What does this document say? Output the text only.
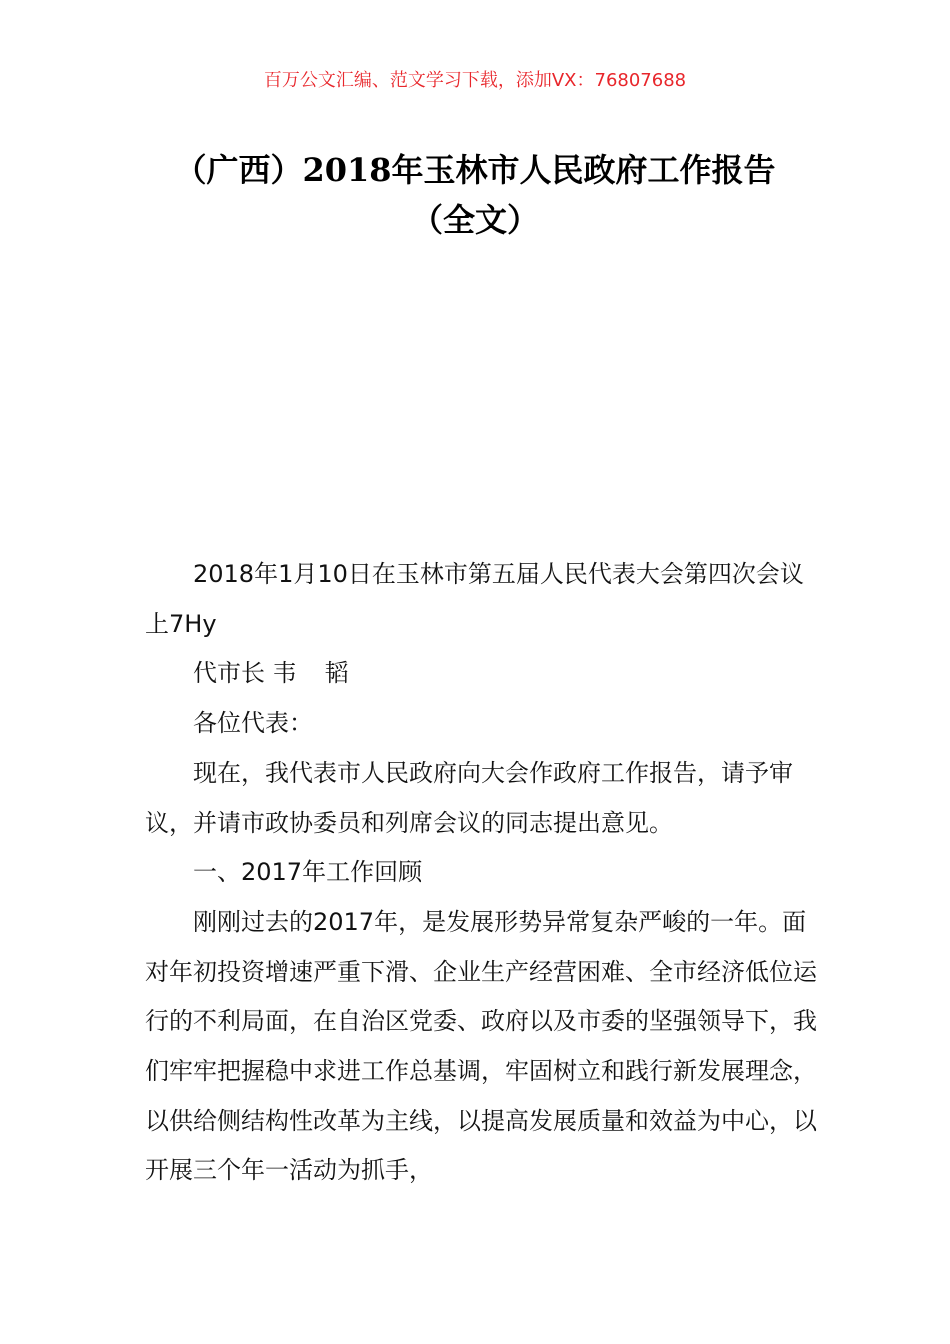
百万公文汇编、范文学习下载，添加VX：76807688
（广西）2018年玉林市人民政府工作报告
（全文）

2018年1月10日在玉林市第五届人民代表大会第四次会议上7Hy

代市长 韦 韬

各位代表：

现在，我代表市人民政府向大会作政府工作报告，请予审议，并请市政协委员和列席会议的同志提出意见。

一、2017年工作回顾

刚刚过去的2017年，是发展形势异常复杂严峻的一年。面对年初投资增速严重下滑、企业生产经营困难、全市经济低位运行的不利局面，在自治区党委、政府以及市委的坚强领导下，我们牢牢把握稳中求进工作总基调，牢固树立和践行新发展理念，以供给侧结构性改革为主线，以提高发展质量和效益为中心，以开展三个年一活动为抓手，
